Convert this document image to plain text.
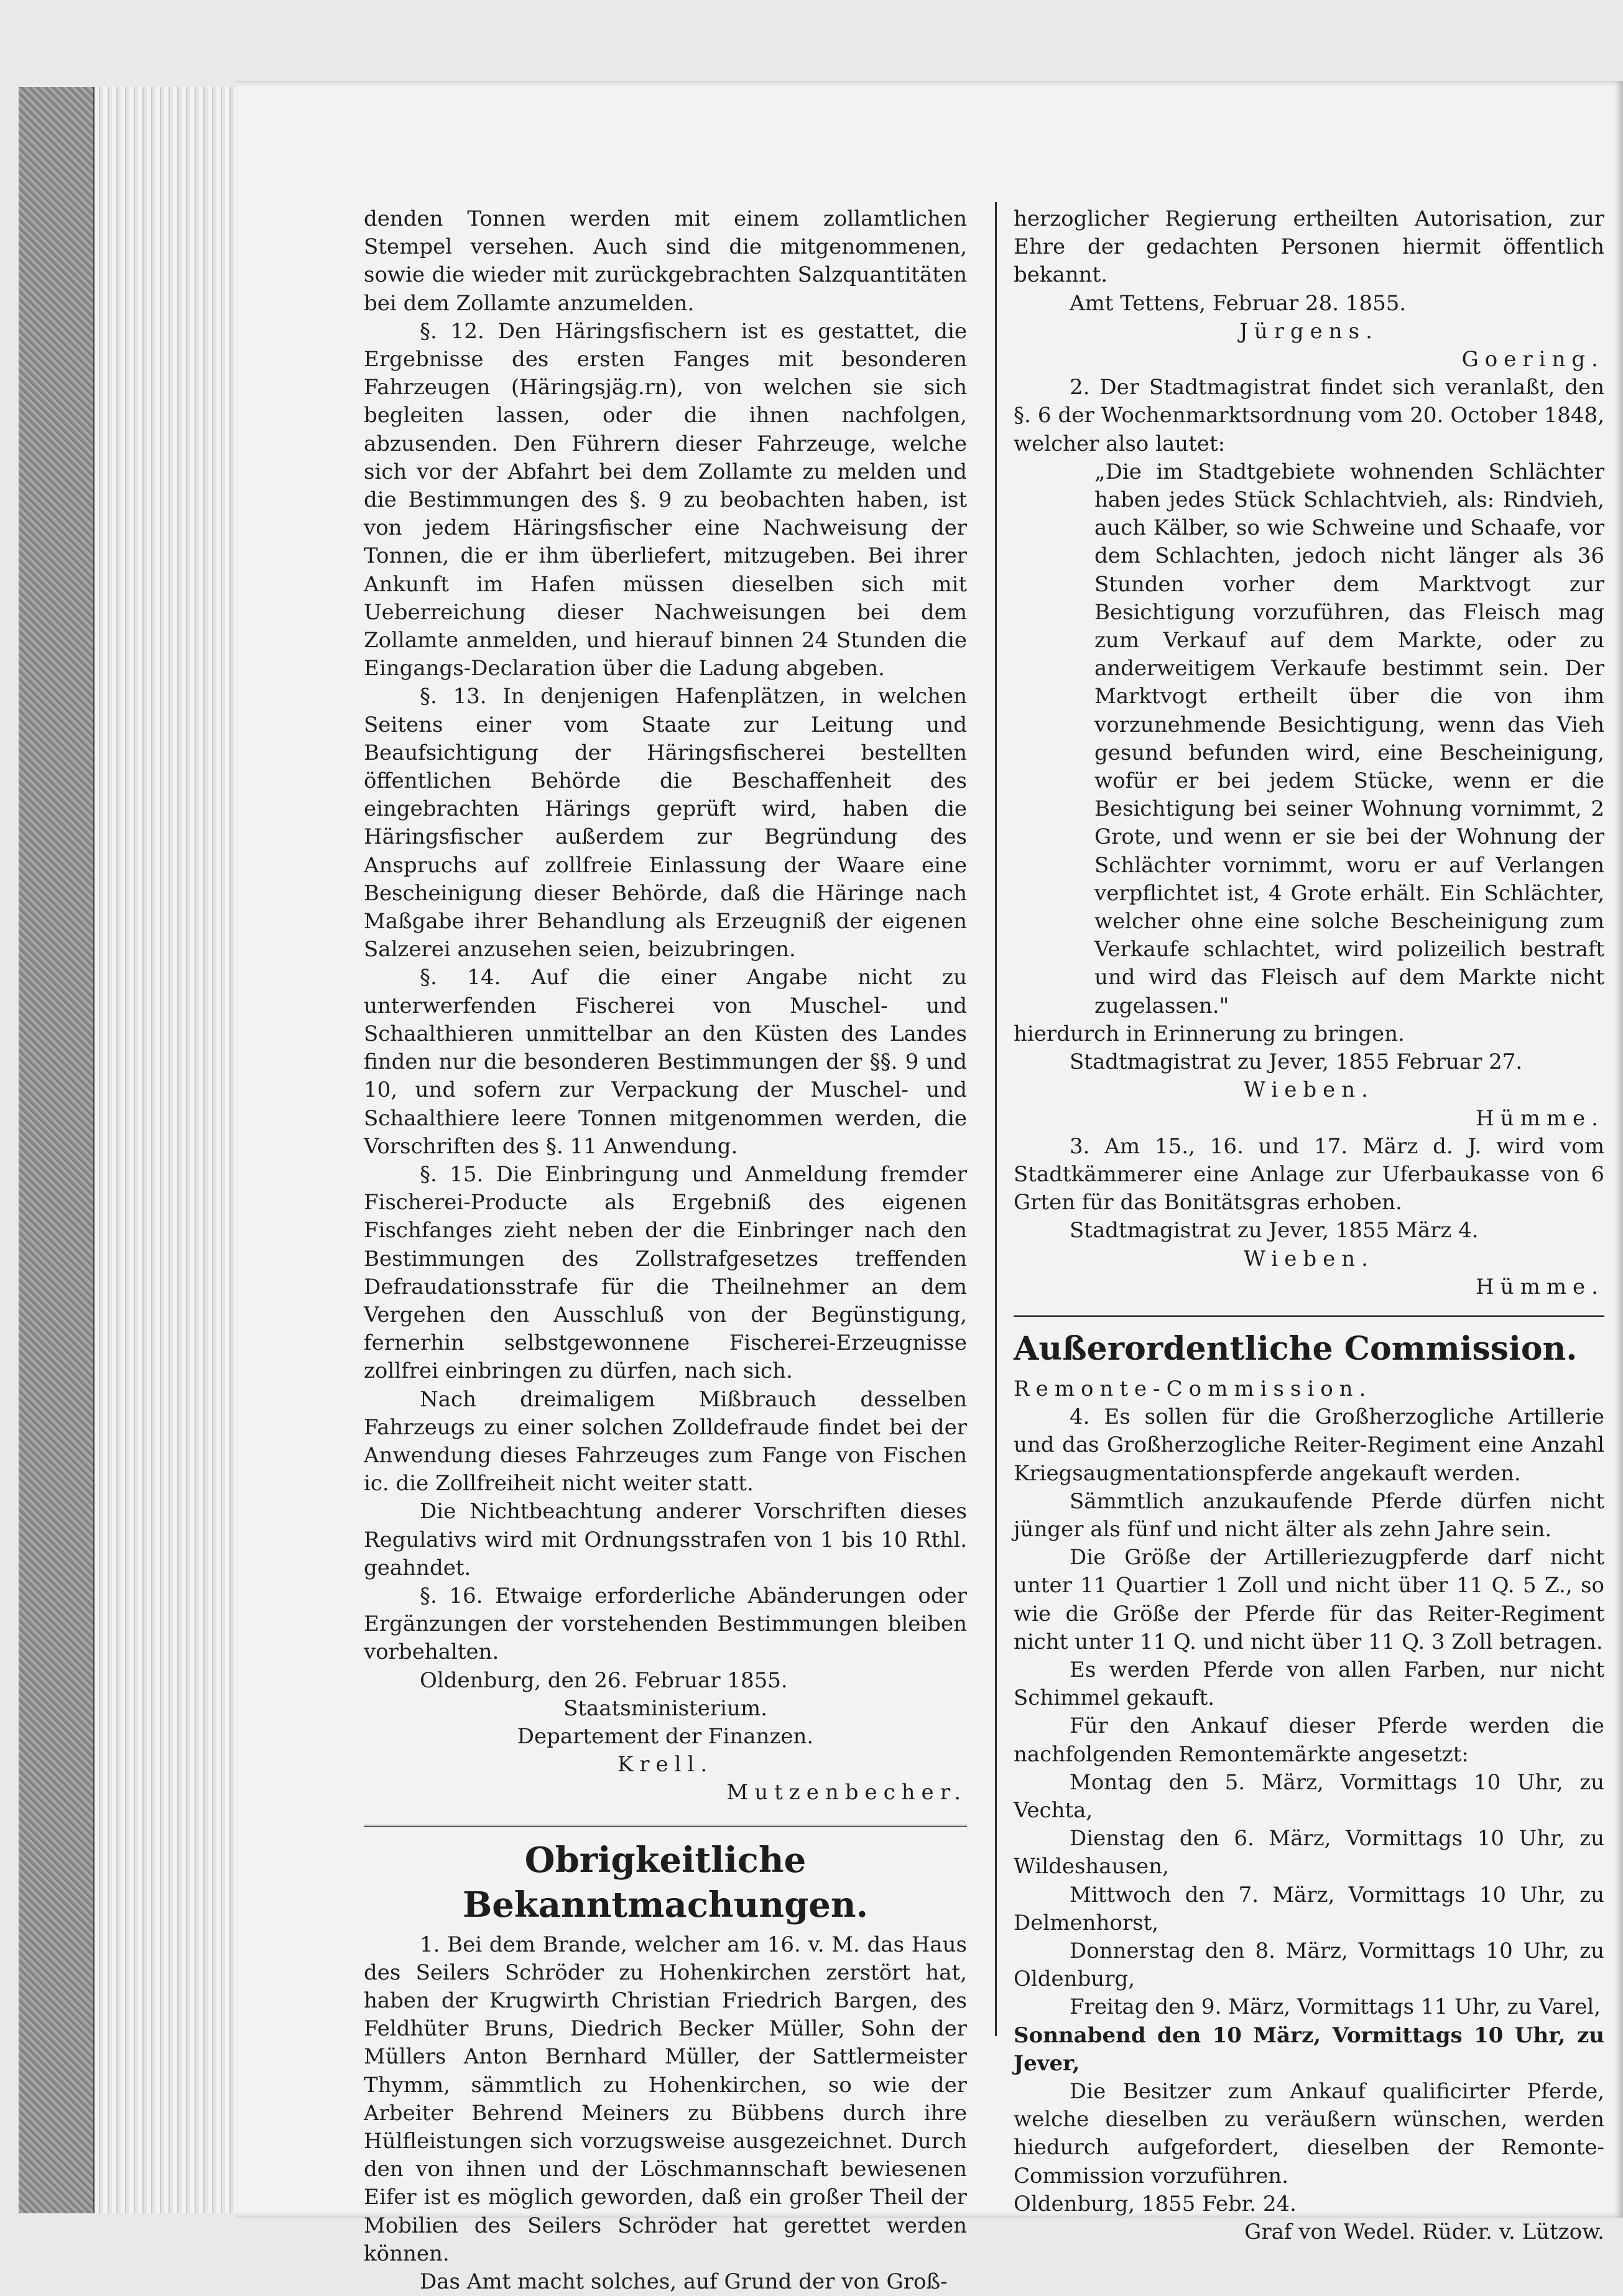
denden Tonnen werden mit einem zollamtlichen Stempel versehen. Auch sind die mitgenommenen, sowie die wieder mit zurückgebrachten Salzquantitäten bei dem Zollamte anzumelden.

§. 12. Den Häringsfischern ist es gestattet, die Ergebnisse des ersten Fanges mit besonderen Fahrzeugen (Häringsjäg.rn), von welchen sie sich begleiten lassen, oder die ihnen nachfolgen, abzusenden. Den Führern dieser Fahrzeuge, welche sich vor der Abfahrt bei dem Zollamte zu melden und die Bestimmungen des §. 9 zu beobachten haben, ist von jedem Häringsfischer eine Nachweisung der Tonnen, die er ihm überliefert, mitzugeben. Bei ihrer Ankunft im Hafen müssen dieselben sich mit Ueberreichung dieser Nachweisungen bei dem Zollamte anmelden, und hierauf binnen 24 Stunden die Eingangs-Declaration über die Ladung abgeben.

§. 13. In denjenigen Hafenplätzen, in welchen Seitens einer vom Staate zur Leitung und Beaufsichtigung der Häringsfischerei bestellten öffentlichen Behörde die Beschaffenheit des eingebrachten Härings geprüft wird, haben die Häringsfischer außerdem zur Begründung des Anspruchs auf zollfreie Einlassung der Waare eine Bescheinigung dieser Behörde, daß die Häringe nach Maßgabe ihrer Behandlung als Erzeugniß der eigenen Salzerei anzusehen seien, beizubringen.

§. 14. Auf die einer Angabe nicht zu unterwerfenden Fischerei von Muschel- und Schaalthieren unmittelbar an den Küsten des Landes finden nur die besonderen Bestimmungen der §§. 9 und 10, und sofern zur Verpackung der Muschel- und Schaalthiere leere Tonnen mitgenommen werden, die Vorschriften des §. 11 Anwendung.

§. 15. Die Einbringung und Anmeldung fremder Fischerei-Producte als Ergebniß des eigenen Fischfanges zieht neben der die Einbringer nach den Bestimmungen des Zollstrafgesetzes treffenden Defraudationsstrafe für die Theilnehmer an dem Vergehen den Ausschluß von der Begünstigung, fernerhin selbstgewonnene Fischerei-Erzeugnisse zollfrei einbringen zu dürfen, nach sich.

Nach dreimaligem Mißbrauch desselben Fahrzeugs zu einer solchen Zolldefraude findet bei der Anwendung dieses Fahrzeuges zum Fange von Fischen ic. die Zollfreiheit nicht weiter statt.

Die Nichtbeachtung anderer Vorschriften dieses Regulativs wird mit Ordnungsstrafen von 1 bis 10 Rthl. geahndet.

§. 16. Etwaige erforderliche Abänderungen oder Ergänzungen der vorstehenden Bestimmungen bleiben vorbehalten.

Oldenburg, den 26. Februar 1855.

Staatsministerium.

Departement der Finanzen.

Krell.

Mutzenbecher.

Obrigkeitliche Bekanntmachungen.

1. Bei dem Brande, welcher am 16. v. M. das Haus des Seilers Schröder zu Hohenkirchen zerstört hat, haben der Krugwirth Christian Friedrich Bargen, des Feldhüter Bruns, Diedrich Becker Müller, Sohn der Müllers Anton Bernhard Müller, der Sattlermeister Thymm, sämmtlich zu Hohenkirchen, so wie der Arbeiter Behrend Meiners zu Bübbens durch ihre Hülfleistungen sich vorzugsweise ausgezeichnet. Durch den von ihnen und der Löschmannschaft bewiesenen Eifer ist es möglich geworden, daß ein großer Theil der Mobilien des Seilers Schröder hat gerettet werden können.

Das Amt macht solches, auf Grund der von Groß-

herzoglicher Regierung ertheilten Autorisation, zur Ehre der gedachten Personen hiermit öffentlich bekannt.

Amt Tettens, Februar 28. 1855.

Jürgens.

Goering.

2. Der Stadtmagistrat findet sich veranlaßt, den §. 6 der Wochenmarktsordnung vom 20. October 1848, welcher also lautet:

„Die im Stadtgebiete wohnenden Schlächter haben jedes Stück Schlachtvieh, als: Rindvieh, auch Kälber, so wie Schweine und Schaafe, vor dem Schlachten, jedoch nicht länger als 36 Stunden vorher dem Marktvogt zur Besichtigung vorzuführen, das Fleisch mag zum Verkauf auf dem Markte, oder zu anderweitigem Verkaufe bestimmt sein. Der Marktvogt ertheilt über die von ihm vorzunehmende Besichtigung, wenn das Vieh gesund befunden wird, eine Bescheinigung, wofür er bei jedem Stücke, wenn er die Besichtigung bei seiner Wohnung vornimmt, 2 Grote, und wenn er sie bei der Wohnung der Schlächter vornimmt, woru er auf Verlangen verpflichtet ist, 4 Grote erhält. Ein Schlächter, welcher ohne eine solche Bescheinigung zum Verkaufe schlachtet, wird polizeilich bestraft und wird das Fleisch auf dem Markte nicht zugelassen."

hierdurch in Erinnerung zu bringen.

Stadtmagistrat zu Jever, 1855 Februar 27.

Wieben.

Hümme.

3. Am 15., 16. und 17. März d. J. wird vom Stadtkämmerer eine Anlage zur Uferbaukasse von 6 Grten für das Bonitätsgras erhoben.

Stadtmagistrat zu Jever, 1855 März 4.

Wieben.

Hümme.

Außerordentliche Commission.

Remonte-Commission.

4. Es sollen für die Großherzogliche Artillerie und das Großherzogliche Reiter-Regiment eine Anzahl Kriegsaugmentationspferde angekauft werden.

Sämmtlich anzukaufende Pferde dürfen nicht jünger als fünf und nicht älter als zehn Jahre sein.

Die Größe der Artilleriezugpferde darf nicht unter 11 Quartier 1 Zoll und nicht über 11 Q. 5 Z., so wie die Größe der Pferde für das Reiter-Regiment nicht unter 11 Q. und nicht über 11 Q. 3 Zoll betragen.

Es werden Pferde von allen Farben, nur nicht Schimmel gekauft.

Für den Ankauf dieser Pferde werden die nachfolgenden Remontemärkte angesetzt:

Montag den 5. März, Vormittags 10 Uhr, zu Vechta,

Dienstag den 6. März, Vormittags 10 Uhr, zu Wildeshausen,

Mittwoch den 7. März, Vormittags 10 Uhr, zu Delmenhorst,

Donnerstag den 8. März, Vormittags 10 Uhr, zu Oldenburg,

Freitag den 9. März, Vormittags 11 Uhr, zu Varel,

Sonnabend den 10 März, Vormittags 10 Uhr, zu Jever,

Die Besitzer zum Ankauf qualificirter Pferde, welche dieselben zu veräußern wünschen, werden hiedurch aufgefordert, dieselben der Remonte-Commission vorzuführen.

Oldenburg, 1855 Febr. 24.

Graf von Wedel. Rüder. v. Lützow.
